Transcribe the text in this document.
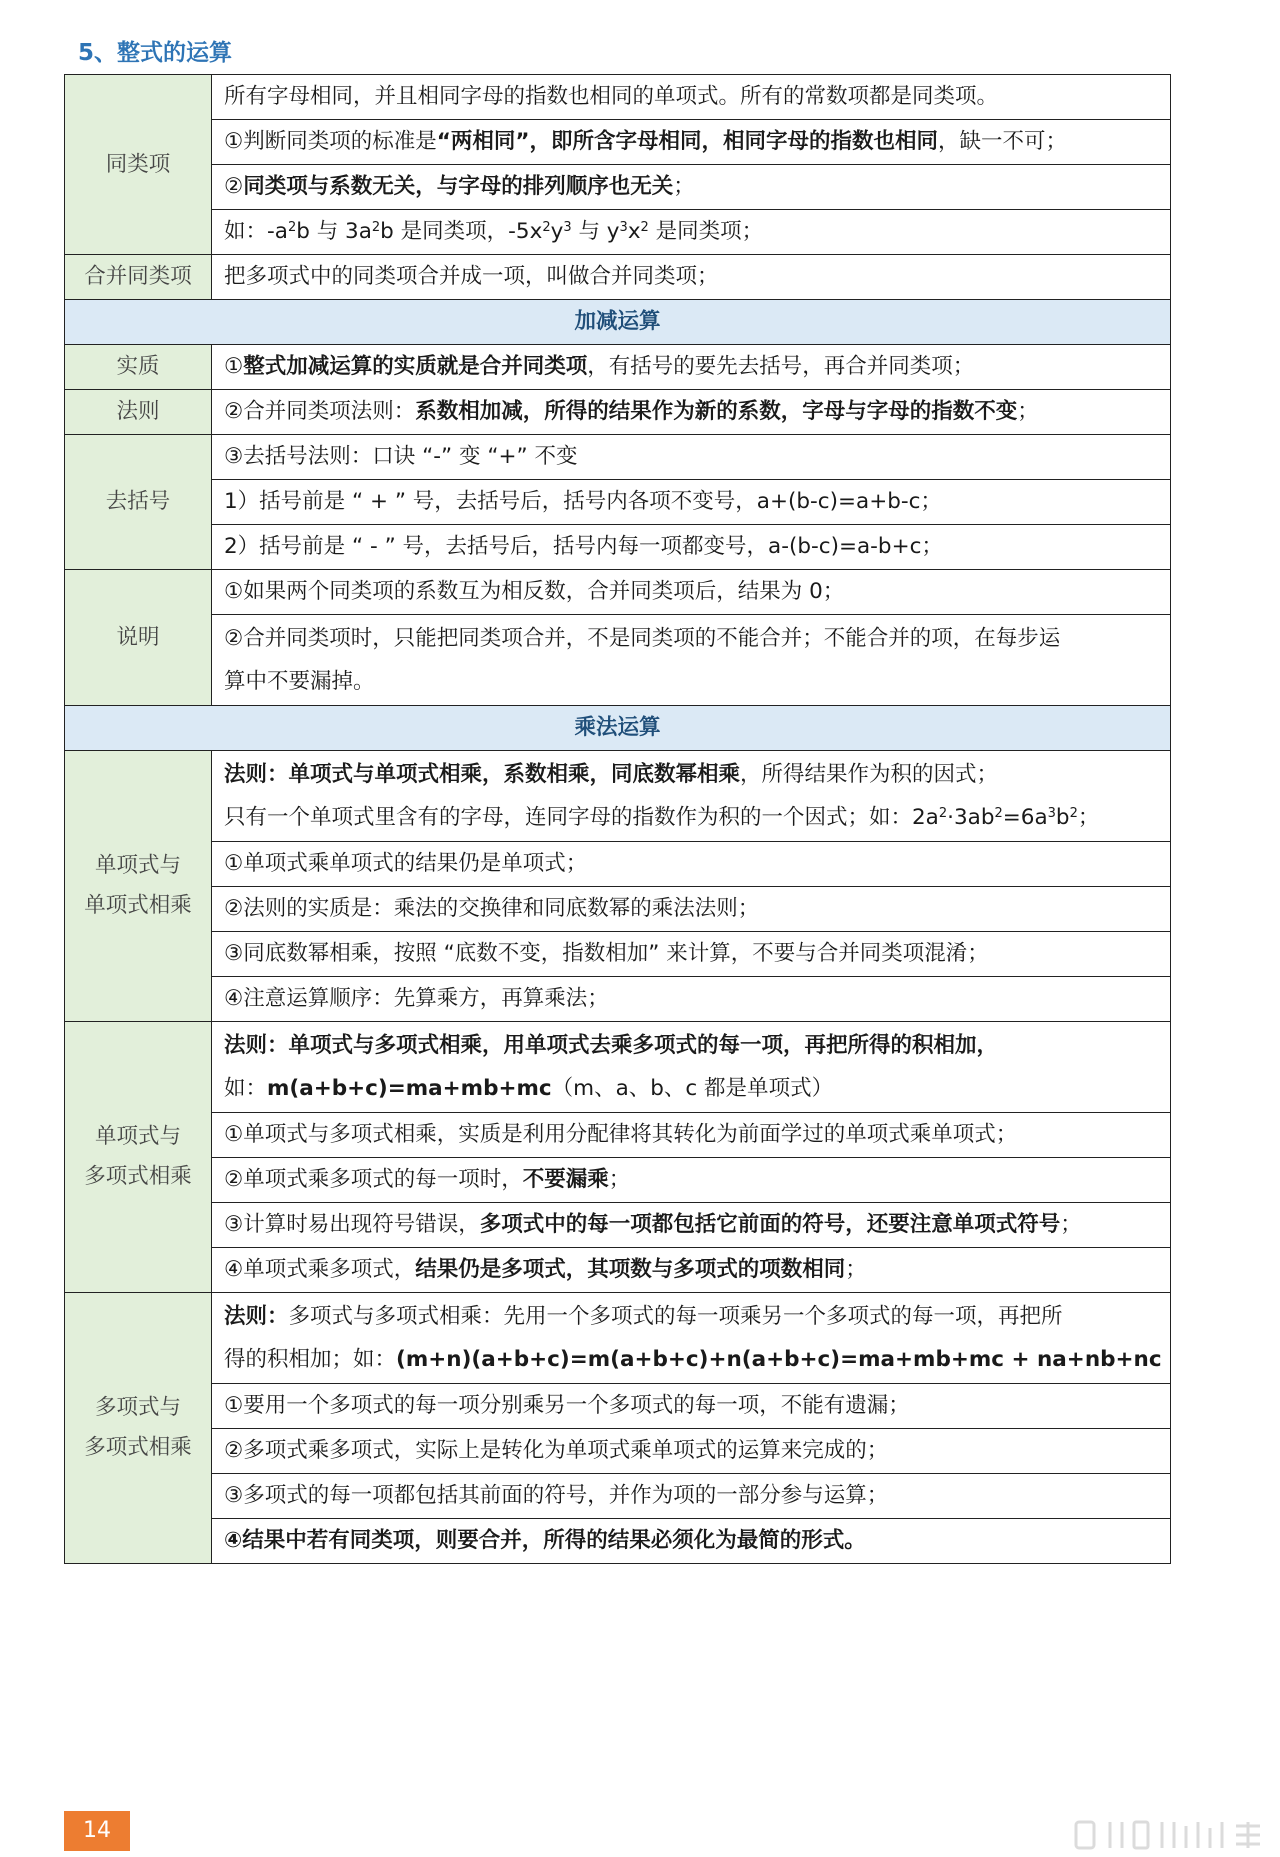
5、整式的运算
同类项	所有字母相同，并且相同字母的指数也相同的单项式。所有的常数项都是同类项。
	①判断同类项的标准是“两相同”，即所含字母相同，相同字母的指数也相同，缺一不可；
	②同类项与系数无关，与字母的排列顺序也无关；
	如：$-a^2b$ 与 $3a^2b$ 是同类项，$-5x^2y^3$ 与 $y^3x^2$ 是同类项；
合并同类项	把多项式中的同类项合并成一项，叫做合并同类项；
加减运算	
实质	①整式加减运算的实质就是合并同类项，有括号的要先去括号，再合并同类项；
法则	②合并同类项法则：系数相加减，所得的结果作为新的系数，字母与字母的指数不变；
去括号	③去括号法则：口诀 “-” 变 “+” 不变
	1）括号前是 “ + ” 号，去括号后，括号内各项不变号，a+(b-c)=a+b-c；
	2）括号前是 “ - ” 号，去括号后，括号内每一项都变号，a-(b-c)=a-b+c；
说明	①如果两个同类项的系数互为相反数，合并同类项后，结果为 0；
	②合并同类项时，只能把同类项合并，不是同类项的不能合并；不能合并的项，在每步运
算中不要漏掉。
乘法运算	
单项式与
单项式相乘	法则：单项式与单项式相乘，系数相乘，同底数幂相乘，所得结果作为积的因式；
只有一个单项式里含有的字母，连同字母的指数作为积的一个因式；如：$2a^2\cdot 3ab^2=6a^3b^2$；
	①单项式乘单项式的结果仍是单项式；
	②法则的实质是：乘法的交换律和同底数幂的乘法法则；
	③同底数幂相乘，按照 “底数不变，指数相加” 来计算，不要与合并同类项混淆；
	④注意运算顺序：先算乘方，再算乘法；
单项式与
多项式相乘	法则：单项式与多项式相乘，用单项式去乘多项式的每一项，再把所得的积相加，
如：m(a+b+c)=ma+mb+mc（m、a、b、c 都是单项式）
	①单项式与多项式相乘，实质是利用分配律将其转化为前面学过的单项式乘单项式；
	②单项式乘多项式的每一项时，不要漏乘；
	③计算时易出现符号错误，多项式中的每一项都包括它前面的符号，还要注意单项式符号；
	④单项式乘多项式，结果仍是多项式，其项数与多项式的项数相同；
多项式与
多项式相乘	法则：多项式与多项式相乘：先用一个多项式的每一项乘另一个多项式的每一项，再把所
得的积相加；如：(m+n)(a+b+c)=m(a+b+c)+n(a+b+c)=ma+mb+mc + na+nb+nc
	①要用一个多项式的每一项分别乘另一个多项式的每一项，不能有遗漏；
	②多项式乘多项式，实际上是转化为单项式乘单项式的运算来完成的；
	③多项式的每一项都包括其前面的符号，并作为项的一部分参与运算；
	④结果中若有同类项，则要合并，所得的结果必须化为最简的形式。
14
